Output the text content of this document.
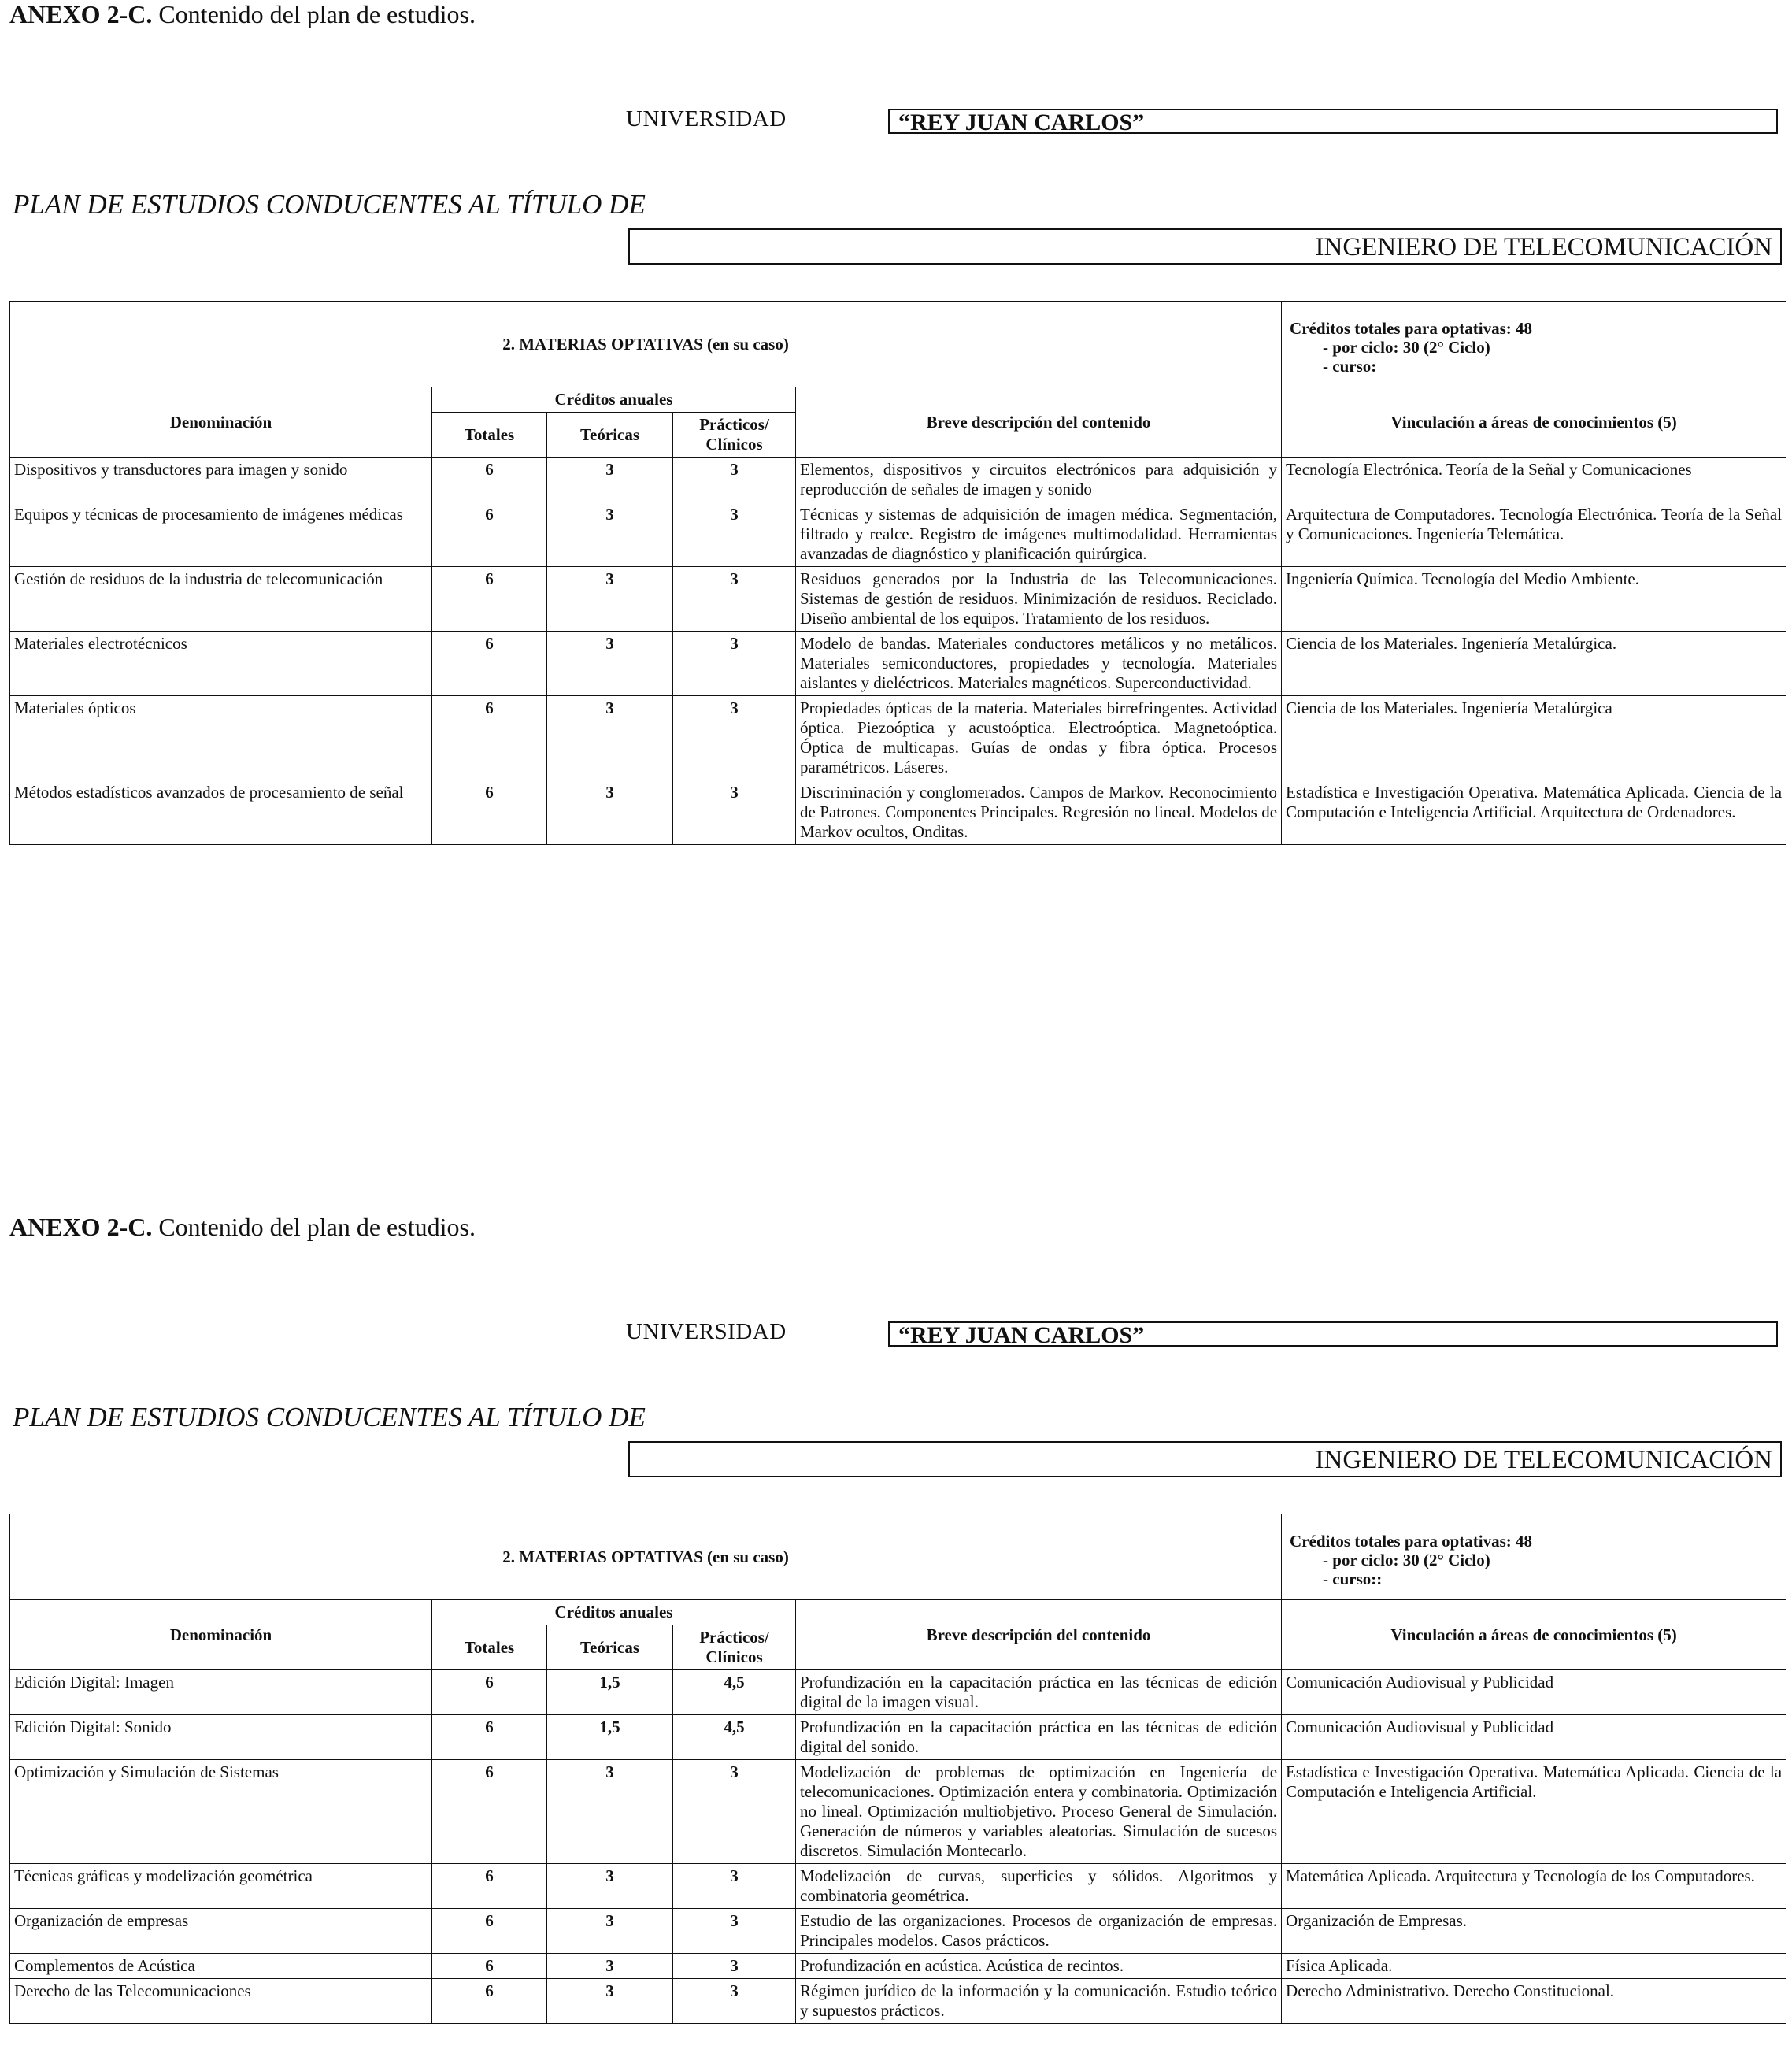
ANEXO 2-C. Contenido del plan de estudios.
UNIVERSIDAD	“REY JUAN CARLOS”
PLAN DE ESTUDIOS CONDUCENTES AL TÍTULO DE
INGENIERO DE TELECOMUNICACIÓN
2. MATERIAS OPTATIVAS (en su caso)					Créditos totales para optativas: 48
- por ciclo: 30 (2° Ciclo)
- curso:

Denominación	Créditos anuales			Breve descripción del contenido	Vinculación a áreas de conocimientos (5)
	Totales	Teóricas	Prácticos/ Clínicos		
Dispositivos y transductores para imagen y sonido	6	3	3	Elementos, dispositivos y circuitos electrónicos para adquisición y reproducción de señales de imagen y sonido	Tecnología Electrónica. Teoría de la Señal y Comunicaciones
Equipos y técnicas de procesamiento de imágenes médicas	6	3	3	Técnicas y sistemas de adquisición de imagen médica. Segmentación, filtrado y realce. Registro de imágenes multimodalidad. Herramientas avanzadas de diagnóstico y planificación quirúrgica.	Arquitectura de Computadores. Tecnología Electrónica. Teoría de la Señal y Comunicaciones. Ingeniería Telemática.
Gestión de residuos de la industria de telecomunicación	6	3	3	Residuos generados por la Industria de las Telecomunicaciones. Sistemas de gestión de residuos. Minimización de residuos. Reciclado. Diseño ambiental de los equipos. Tratamiento de los residuos.	Ingeniería Química. Tecnología del Medio Ambiente.
Materiales electrotécnicos	6	3	3	Modelo de bandas. Materiales conductores metálicos y no metálicos. Materiales semiconductores, propiedades y tecnología. Materiales aislantes y dieléctricos. Materiales magnéticos. Superconductividad.	Ciencia de los Materiales. Ingeniería Metalúrgica.
Materiales ópticos	6	3	3	Propiedades ópticas de la materia. Materiales birrefringentes. Actividad óptica. Piezoóptica y acustoóptica. Electroóptica. Magnetoóptica. Óptica de multicapas. Guías de ondas y fibra óptica. Procesos paramétricos. Láseres.	Ciencia de los Materiales. Ingeniería Metalúrgica
Métodos estadísticos avanzados de procesamiento de señal	6	3	3	Discriminación y conglomerados. Campos de Markov. Reconocimiento de Patrones. Componentes Principales. Regresión no lineal. Modelos de Markov ocultos, Onditas.	Estadística e Investigación Operativa. Matemática Aplicada. Ciencia de la Computación e Inteligencia Artificial. Arquitectura de Ordenadores.
ANEXO 2-C. Contenido del plan de estudios.
UNIVERSIDAD	“REY JUAN CARLOS”
PLAN DE ESTUDIOS CONDUCENTES AL TÍTULO DE
INGENIERO DE TELECOMUNICACIÓN
2. MATERIAS OPTATIVAS (en su caso)					Créditos totales para optativas: 48
- por ciclo: 30 (2° Ciclo)
- curso::

Denominación	Créditos anuales			Breve descripción del contenido	Vinculación a áreas de conocimientos (5)
	Totales	Teóricas	Prácticos/ Clínicos		
Edición Digital: Imagen	6	1,5	4,5	Profundización en la capacitación práctica en las técnicas de edición digital de la imagen visual.	Comunicación Audiovisual y Publicidad
Edición Digital: Sonido	6	1,5	4,5	Profundización en la capacitación práctica en las técnicas de edición digital del sonido.	Comunicación Audiovisual y Publicidad
Optimización y Simulación de Sistemas	6	3	3	Modelización de problemas de optimización en Ingeniería de telecomunicaciones. Optimización entera y combinatoria. Optimización no lineal. Optimización multiobjetivo. Proceso General de Simulación. Generación de números y variables aleatorias. Simulación de sucesos discretos. Simulación Montecarlo.	Estadística e Investigación Operativa. Matemática Aplicada. Ciencia de la Computación e Inteligencia Artificial.
Técnicas gráficas y modelización geométrica	6	3	3	Modelización de curvas, superficies y sólidos. Algoritmos y combinatoria geométrica.	Matemática Aplicada. Arquitectura y Tecnología de los Computadores.
Organización de empresas	6	3	3	Estudio de las organizaciones. Procesos de organización de empresas. Principales modelos. Casos prácticos.	Organización de Empresas.
Complementos de Acústica	6	3	3	Profundización en acústica. Acústica de recintos.	Física Aplicada.
Derecho de las Telecomunicaciones	6	3	3	Régimen jurídico de la información y la comunicación. Estudio teórico y supuestos prácticos.	Derecho Administrativo. Derecho Constitucional.
